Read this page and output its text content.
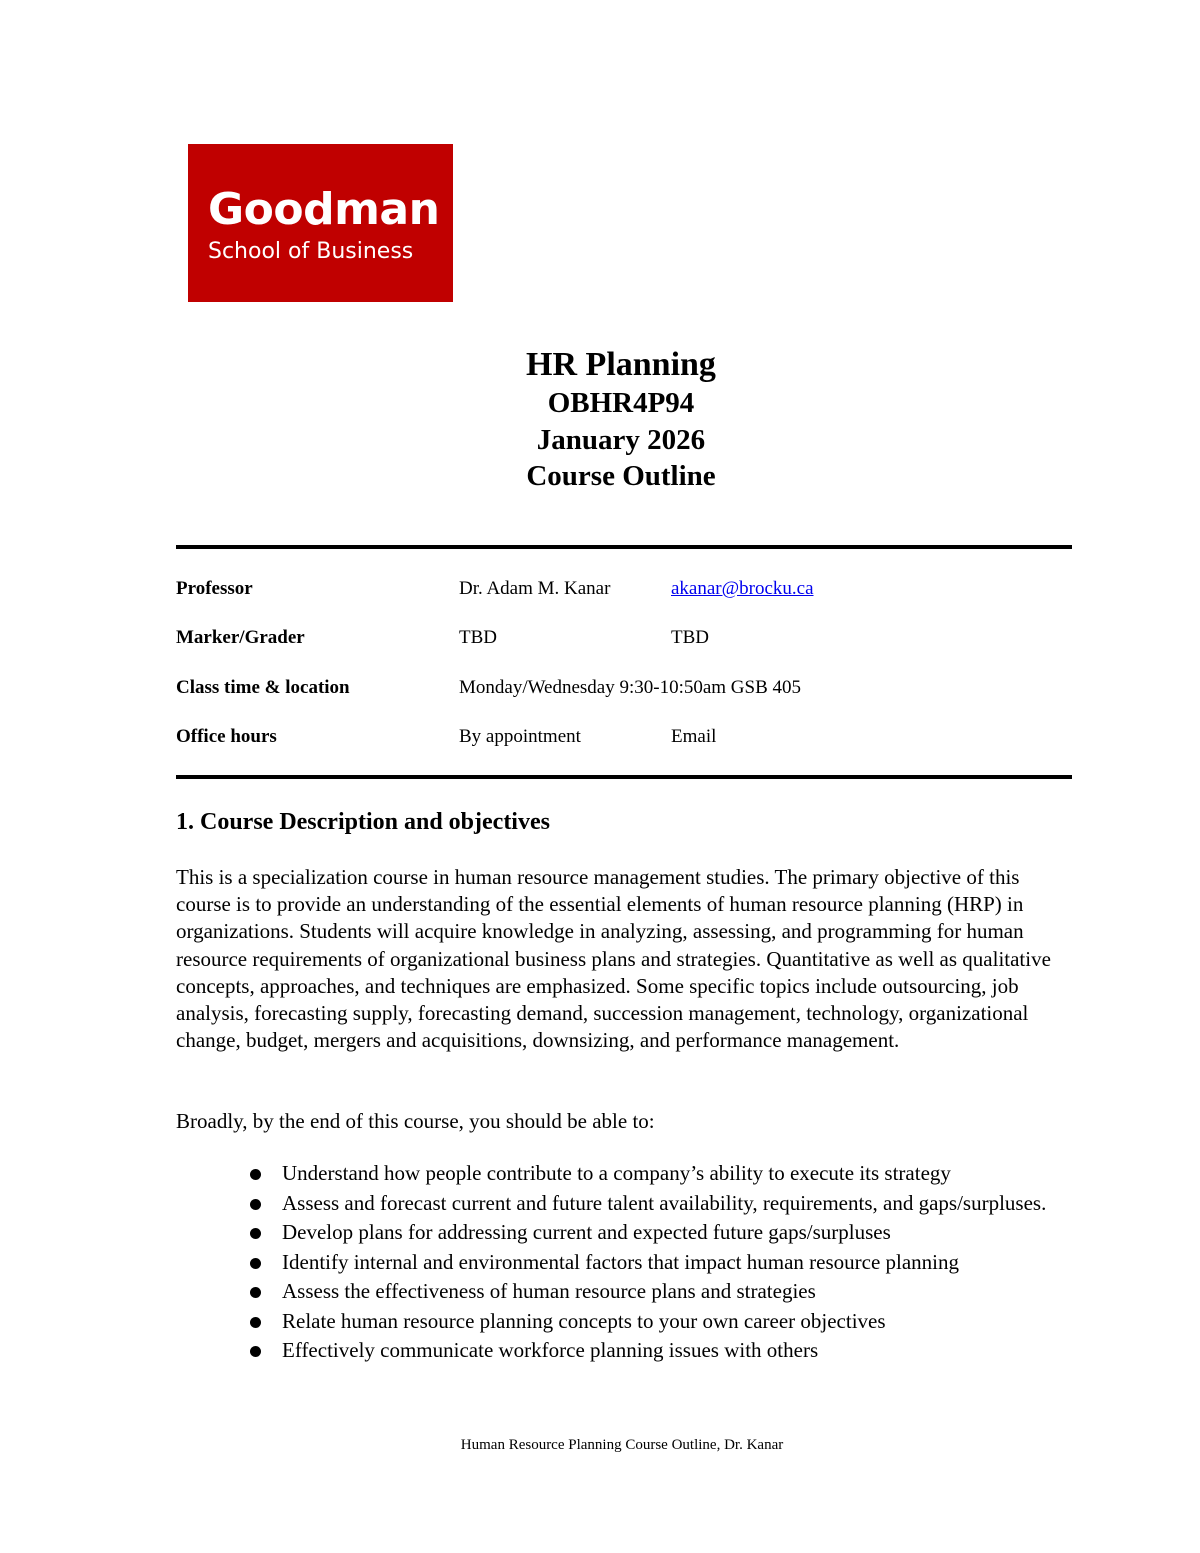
Goodman
School of Business
HR Planning
OBHR4P94
January 2026
Course Outline
Professor	Dr. Adam M. Kanar	akanar@brocku.ca
Marker/Grader	TBD	TBD
Class time & location	Monday/Wednesday 9:30-10:50am GSB 405
Office hours	By appointment	Email
1. Course Description and objectives
This is a specialization course in human resource management studies. The primary objective of this course is to provide an understanding of the essential elements of human resource planning (HRP) in organizations. Students will acquire knowledge in analyzing, assessing, and programming for human resource requirements of organizational business plans and strategies. Quantitative as well as qualitative concepts, approaches, and techniques are emphasized. Some specific topics include outsourcing, job analysis, forecasting supply, forecasting demand, succession management, technology, organizational change, budget, mergers and acquisitions, downsizing, and performance management.
Broadly, by the end of this course, you should be able to:
Understand how people contribute to a company’s ability to execute its strategy
Assess and forecast current and future talent availability, requirements, and gaps/surpluses.
Develop plans for addressing current and expected future gaps/surpluses
Identify internal and environmental factors that impact human resource planning
Assess the effectiveness of human resource plans and strategies
Relate human resource planning concepts to your own career objectives
Effectively communicate workforce planning issues with others
Human Resource Planning Course Outline, Dr. Kanar
